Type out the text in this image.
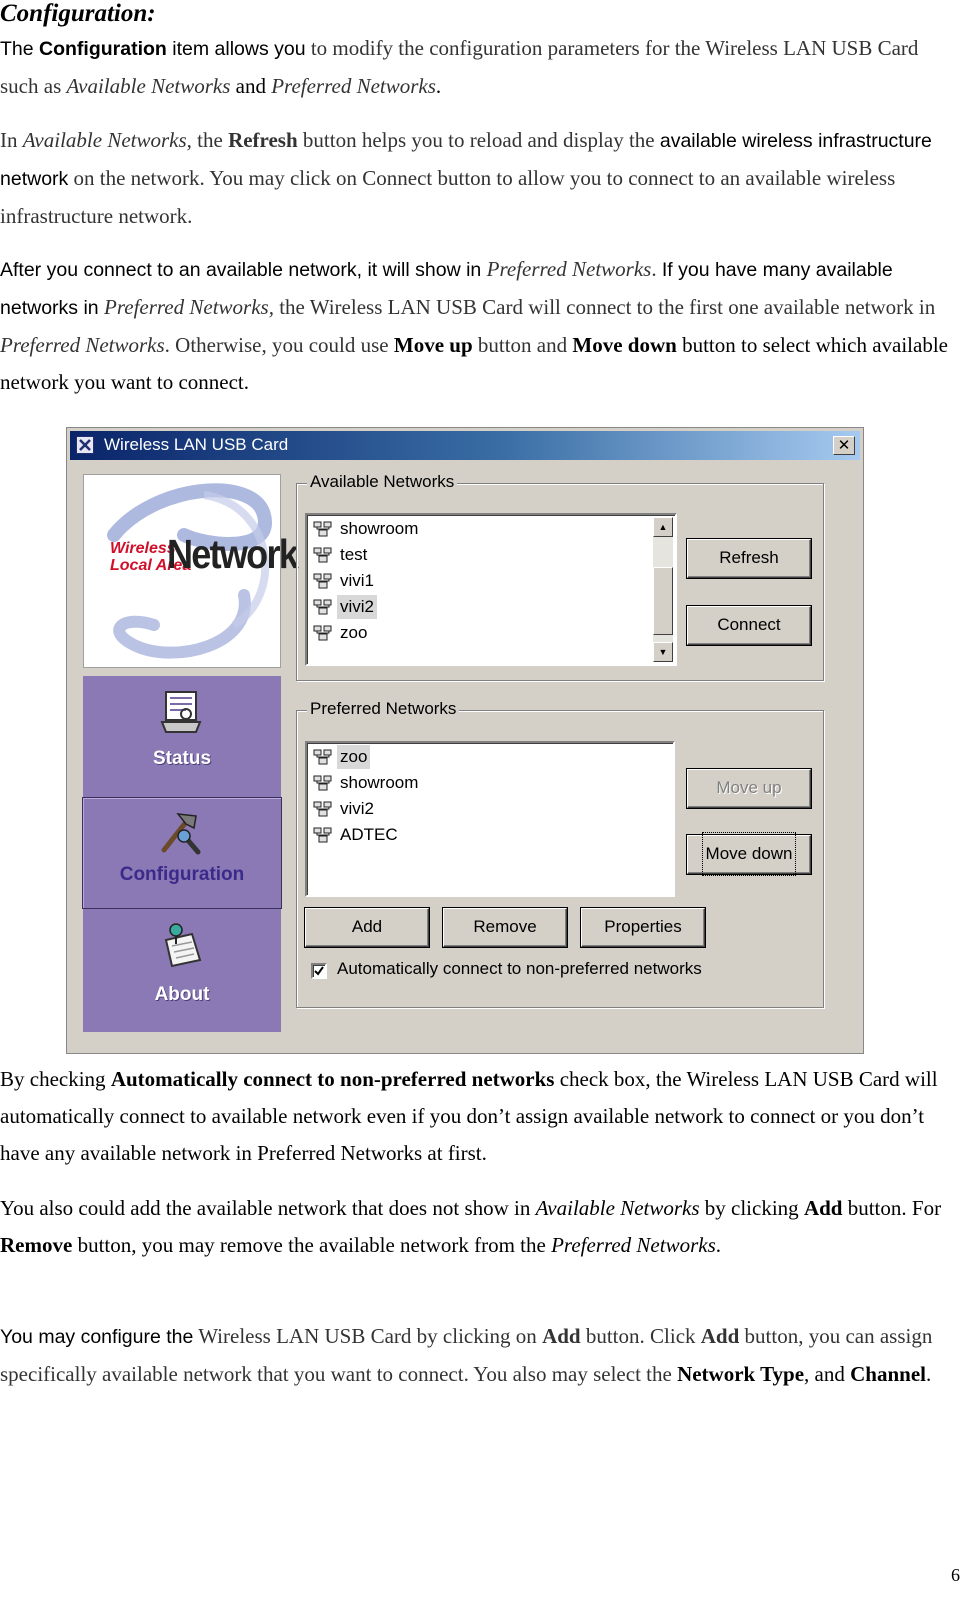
Configuration:
The Configuration item allows you to modify the configuration parameters for the Wireless LAN USB Card such as Available Networks and Preferred Networks.
In Available Networks, the Refresh button helps you to reload and display the available wireless infrastructure network on the network. You may click on Connect button to allow you to connect to an available wireless infrastructure network.
After you connect to an available network, it will show in Preferred Networks. If you have many available networks in Preferred Networks, the Wireless LAN USB Card will connect to the first one available network in Preferred Networks. Otherwise, you could use Move up button and Move down button to select which available network you want to connect.
Wireless LAN USB Card	✕
Wireless
Local Area
Network
Status
Configuration
About
Available Networks
showroom
test
vivi1
vivi2
zoo
▲
▼
Refresh
Connect
Preferred Networks
zoo
showroom
vivi2
ADTEC
Move up
Move down
Add	Remove	Properties
Automatically connect to non-preferred networks
By checking Automatically connect to non-preferred networks check box, the Wireless LAN USB Card will automatically connect to available network even if you don’t assign available network to connect or you don’t have any available network in Preferred Networks at first.
You also could add the available network that does not show in Available Networks by clicking Add button. For Remove button, you may remove the available network from the Preferred Networks.
You may configure the Wireless LAN USB Card by clicking on Add button. Click Add button, you can assign specifically available network that you want to connect. You also may select the Network Type, and Channel.
6
